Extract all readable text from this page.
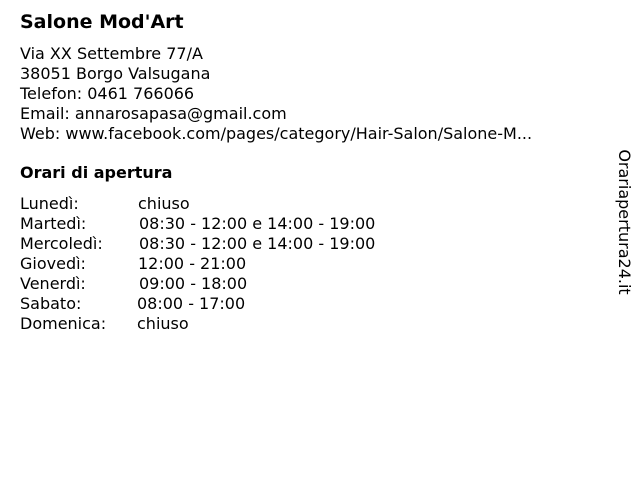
Salone Mod'Art
Via XX Settembre 77/A
38051 Borgo Valsugana
Telefon: 0461 766066
Email: annarosapasa@gmail.com
Web: www.facebook.com/pages/category/Hair-Salon/Salone-M...
Orari di apertura
Lunedì:	chiuso
Martedì:	08:30 - 12:00 e 14:00 - 19:00
Mercoledì: 08:30 - 12:00 e 14:00 - 19:00
Giovedì:	12:00 - 21:00
Venerdì:	09:00 - 18:00
Sabato:	08:00 - 17:00
Domenica: chiuso
Orariapertura24.it
